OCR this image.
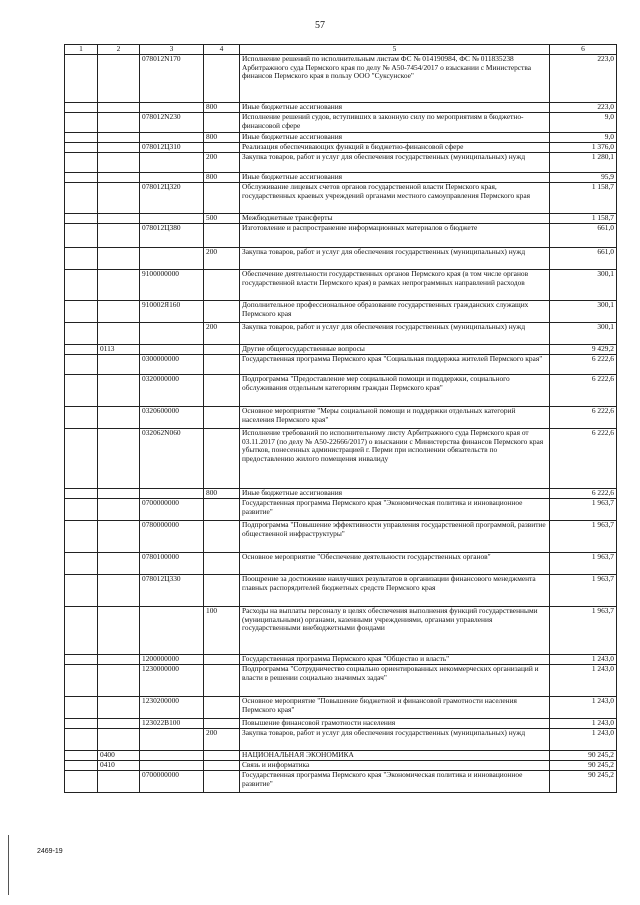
57
1	2	3	4	5	6
		078012N170		Исполнение решений по исполнительным листам ФС № 014190984, ФС № 011835238 Арбитражного суда Пермского края по делу № А50-7454/2017 о взыскании с Министерства финансов Пермского края в пользу ООО "Суксунское"	223,0
			800	Иные бюджетные ассигнования	223,0
		078012N230		Исполнение решений судов, вступивших в законную силу по мероприятиям в бюджетно-финансовой сфере	9,0
			800	Иные бюджетные ассигнования	9,0
		078012Ц310		Реализация обеспечивающих функций в бюджетно-финансовой сфере	1 376,0
			200	Закупка товаров, работ и услуг для обеспечения государственных (муниципальных) нужд	1 280,1
			800	Иные бюджетные ассигнования	95,9
		078012Ц320		Обслуживание лицевых счетов органов государственной власти Пермского края, государственных краевых учреждений органами местного самоуправления Пермского края	1 158,7
			500	Межбюджетные трансферты	1 158,7
		078012Ц380		Изготовление и распространение информационных материалов о бюджете	661,0
			200	Закупка товаров, работ и услуг для обеспечения государственных (муниципальных) нужд	661,0
		9100000000		Обеспечение деятельности государственных органов Пермского края (в том числе органов государственной власти Пермского края) в рамках непрограммных направлений расходов	300,1
		910002Я160		Дополнительное профессиональное образование государственных гражданских служащих Пермского края	300,1
			200	Закупка товаров, работ и услуг для обеспечения государственных (муниципальных) нужд	300,1
	0113			Другие общегосударственные вопросы	9 429,2
		0300000000		Государственная программа Пермского края "Социальная поддержка жителей Пермского края"	6 222,6
		0320000000		Подпрограмма "Предоставление мер социальной помощи и поддержки, социального обслуживания отдельным категориям граждан Пермского края"	6 222,6
		0320600000		Основное мероприятие "Меры социальной помощи и поддержки отдельных категорий населения Пермского края"	6 222,6
		032062N060		Исполнение требований по исполнительному листу Арбитражного суда Пермского края от 03.11.2017 (по делу № А50-22666/2017) о взыскании с Министерства финансов Пермского края убытков, понесенных администрацией г. Перми при исполнении обязательств по предоставлению жилого помещения инвалиду	6 222,6
			800	Иные бюджетные ассигнования	6 222,6
		0700000000		Государственная программа Пермского края "Экономическая политика и инновационное развитие"	1 963,7
		0780000000		Подпрограмма "Повышение эффективности управления государственной программой, развитие общественной инфраструктуры"	1 963,7
		0780100000		Основное мероприятие "Обеспечение деятельности государственных органов"	1 963,7
		078012Ц330		Поощрение за достижение наилучших результатов в организации финансового менеджмента главных распорядителей бюджетных средств Пермского края	1 963,7
			100	Расходы на выплаты персоналу в целях обеспечения выполнения функций государственными (муниципальными) органами, казенными учреждениями, органами управления государственными внебюджетными фондами	1 963,7
		1200000000		Государственная программа Пермского края "Общество и власть"	1 243,0
		1230000000		Подпрограмма "Сотрудничество социально ориентированных некоммерческих организаций и власти в решении социально значимых задач"	1 243,0
		1230200000		Основное мероприятие "Повышение бюджетной и финансовой грамотности населения Пермского края"	1 243,0
		123022В100		Повышение финансовой грамотности населения	1 243,0
			200	Закупка товаров, работ и услуг для обеспечения государственных (муниципальных) нужд	1 243,0
	0400			НАЦИОНАЛЬНАЯ ЭКОНОМИКА	90 245,2
	0410			Связь и информатика	90 245,2
		0700000000		Государственная программа Пермского края "Экономическая политика и инновационное развитие"	90 245,2
2469-19
